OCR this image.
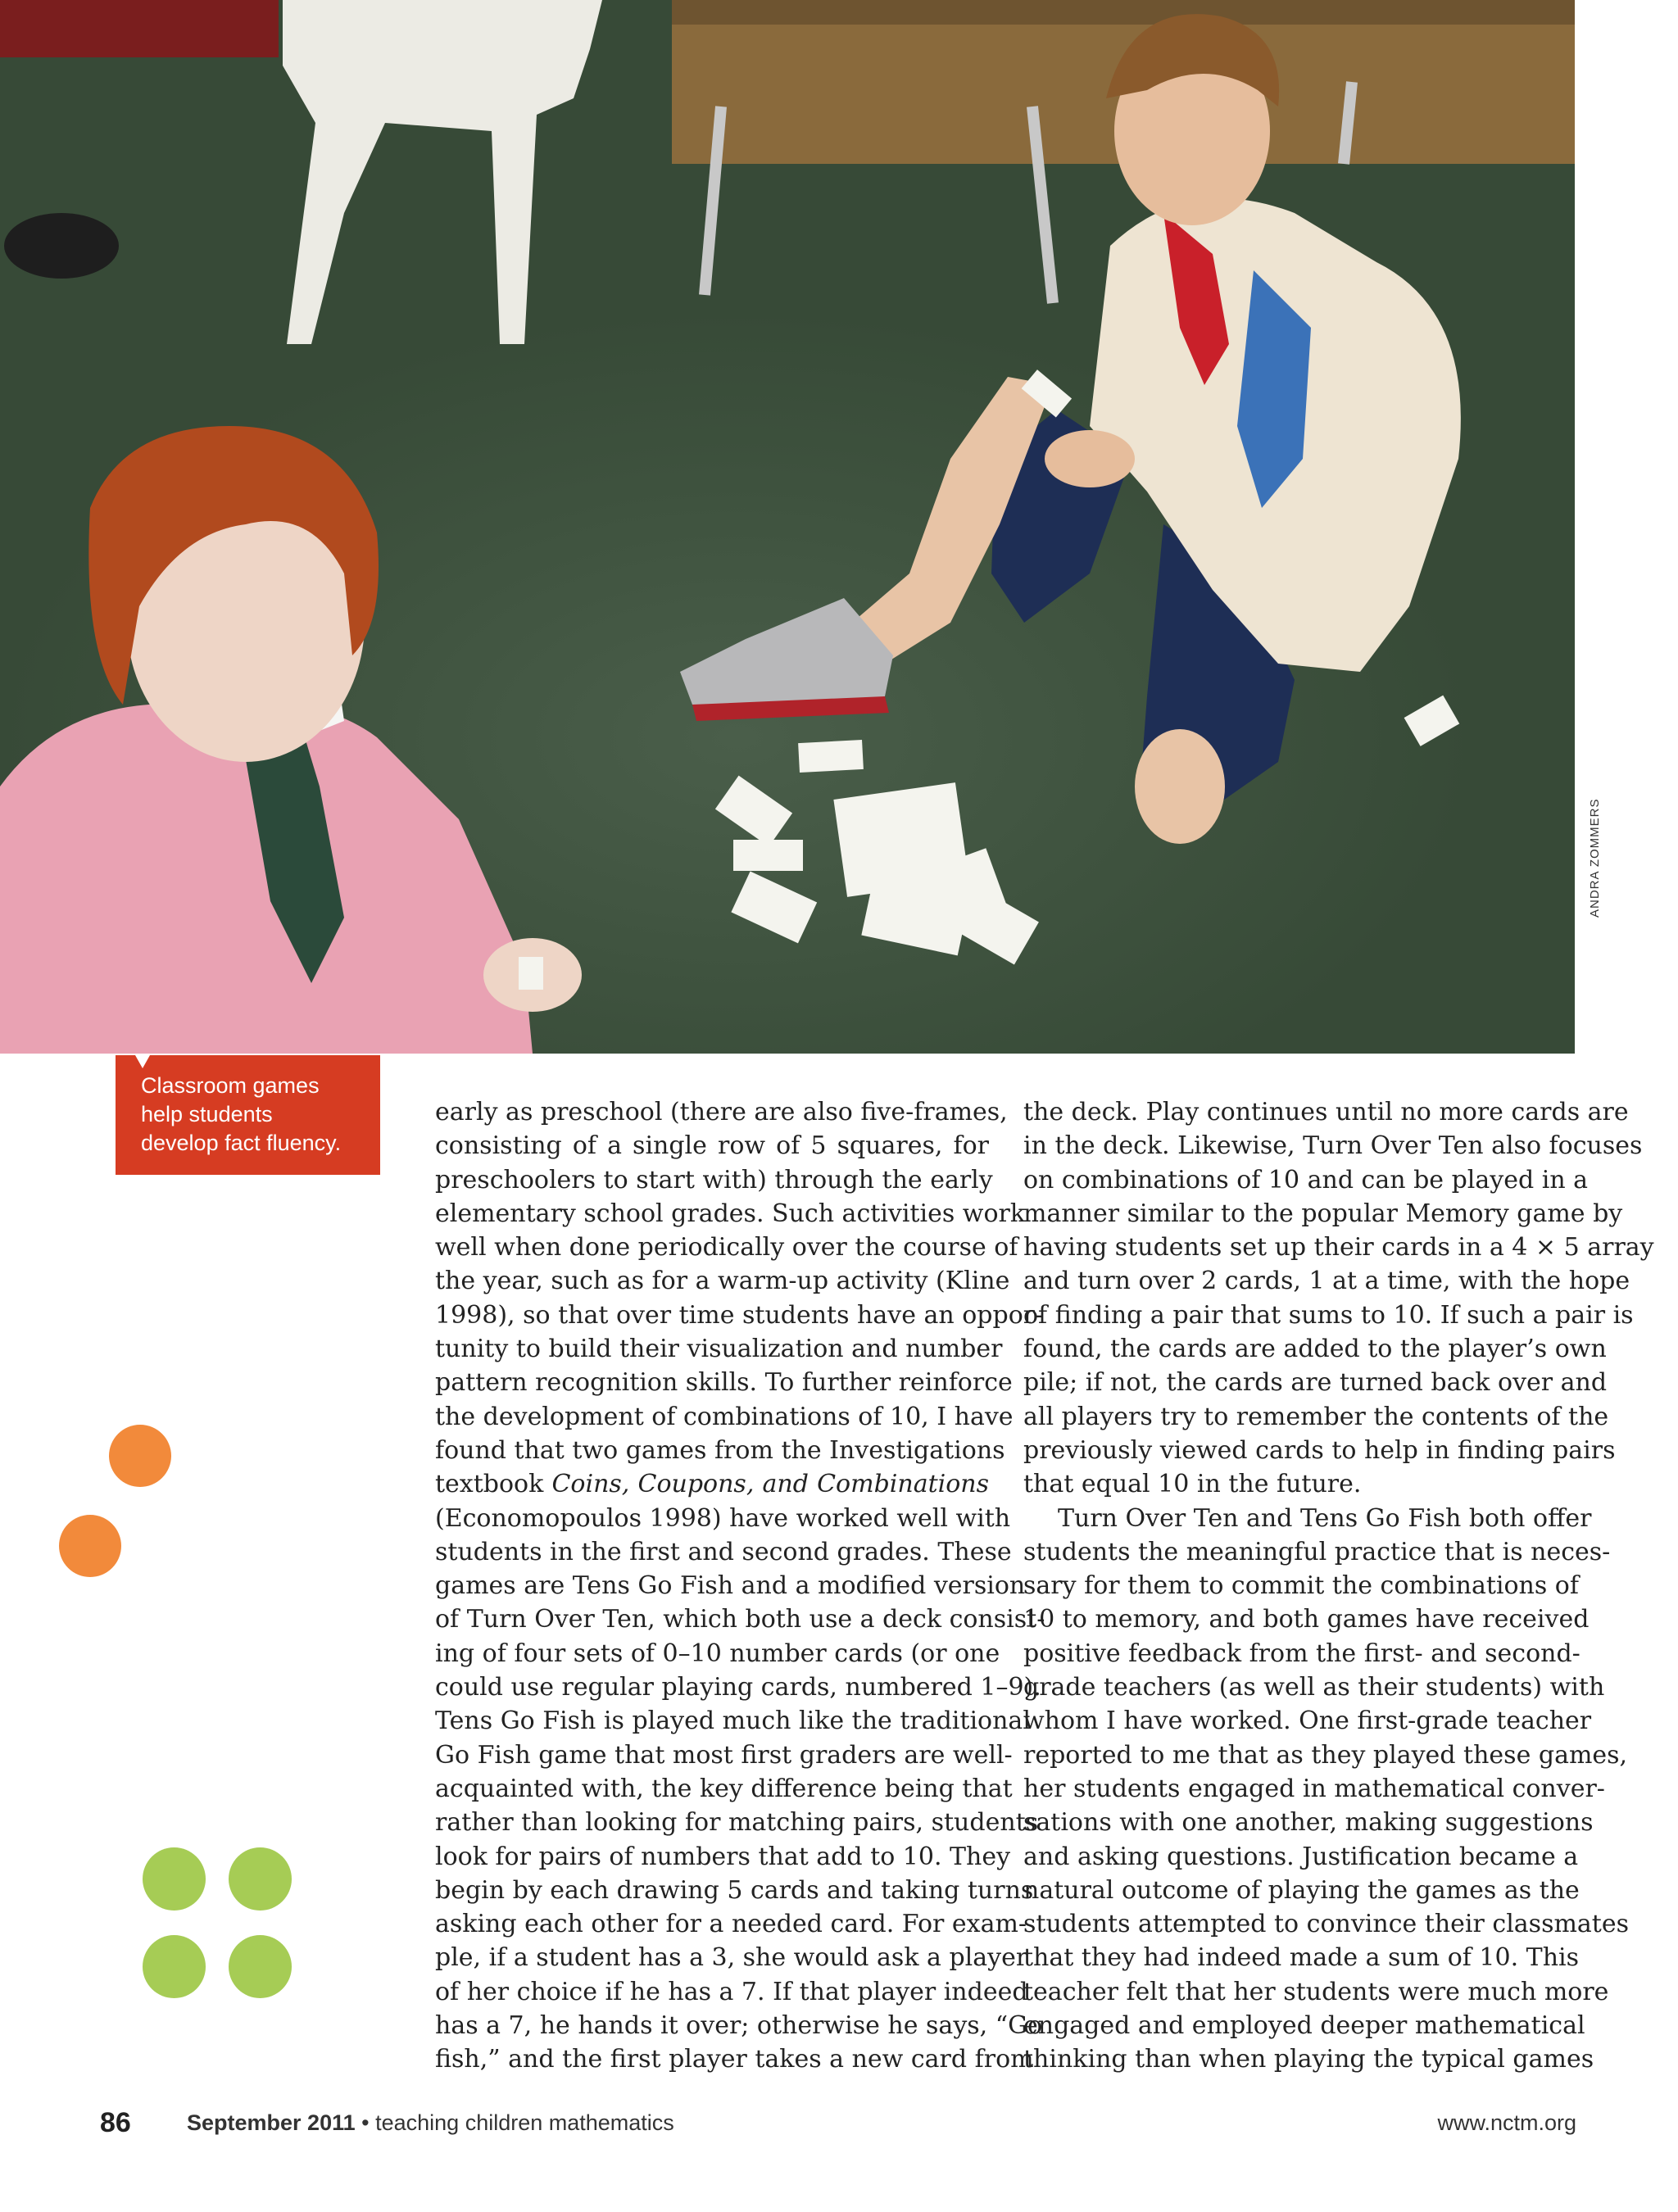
ANDRA ZOMMERS
Classroom games
help students
develop fact fluency.
early as preschool (there are also five-frames,
consisting of a single row of 5 squares, for
preschoolers to start with) through the early
elementary school grades. Such activities work
well when done periodically over the course of
the year, such as for a warm-up activity (Kline
1998), so that over time students have an oppor-
tunity to build their visualization and number
pattern recognition skills. To further reinforce
the development of combinations of 10, I have
found that two games from the Investigations
textbook Coins, Coupons, and Combinations
(Economopoulos 1998) have worked well with
students in the first and second grades. These
games are Tens Go Fish and a modified version
of Turn Over Ten, which both use a deck consist-
ing of four sets of 0–10 number cards (or one
could use regular playing cards, numbered 1–9).
Tens Go Fish is played much like the traditional
Go Fish game that most first graders are well-
acquainted with, the key difference being that
rather than looking for matching pairs, students
look for pairs of numbers that add to 10. They
begin by each drawing 5 cards and taking turns
asking each other for a needed card. For exam-
ple, if a student has a 3, she would ask a player
of her choice if he has a 7. If that player indeed
has a 7, he hands it over; otherwise he says, “Go
fish,” and the first player takes a new card from
the deck. Play continues until no more cards are
in the deck. Likewise, Turn Over Ten also focuses
on combinations of 10 and can be played in a
manner similar to the popular Memory game by
having students set up their cards in a 4 × 5 array
and turn over 2 cards, 1 at a time, with the hope
of finding a pair that sums to 10. If such a pair is
found, the cards are added to the player’s own
pile; if not, the cards are turned back over and
all players try to remember the contents of the
previously viewed cards to help in finding pairs
that equal 10 in the future.
Turn Over Ten and Tens Go Fish both offer
students the meaningful practice that is neces-
sary for them to commit the combinations of
10 to memory, and both games have received
positive feedback from the first- and second-
grade teachers (as well as their students) with
whom I have worked. One first-grade teacher
reported to me that as they played these games,
her students engaged in mathematical conver-
sations with one another, making suggestions
and asking questions. Justification became a
natural outcome of playing the games as the
students attempted to convince their classmates
that they had indeed made a sum of 10. This
teacher felt that her students were much more
engaged and employed deeper mathematical
thinking than when playing the typical games
86	September 2011 • teaching children mathematics	www.nctm.org
